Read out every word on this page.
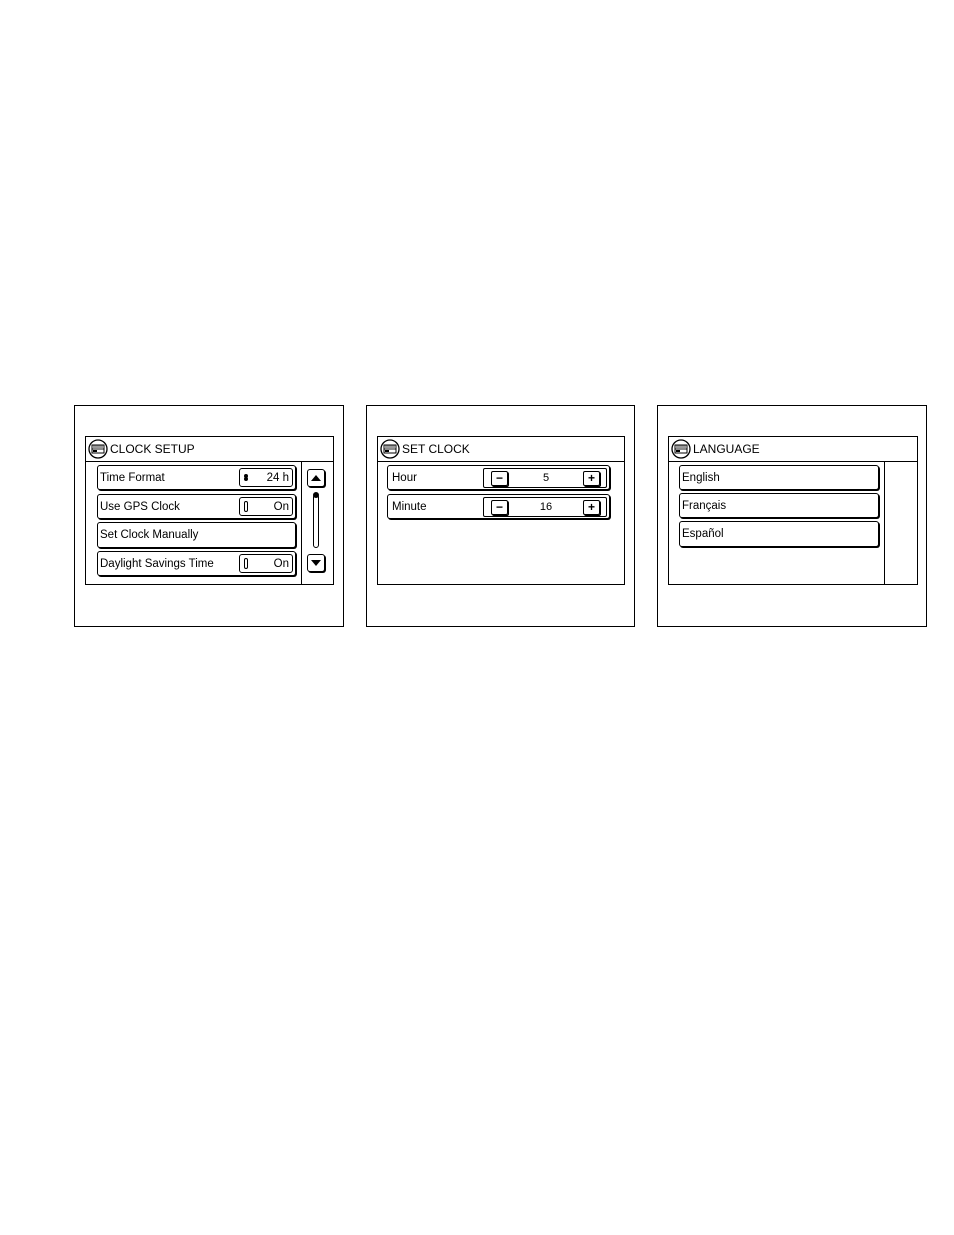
CLOCK SETUP
Time Format	24 h
Use GPS Clock	On
Set Clock Manually
Daylight Savings Time	On
SET CLOCK
Hour	−	5	+
Minute	−	16	+
LANGUAGE
English
Français
Español
